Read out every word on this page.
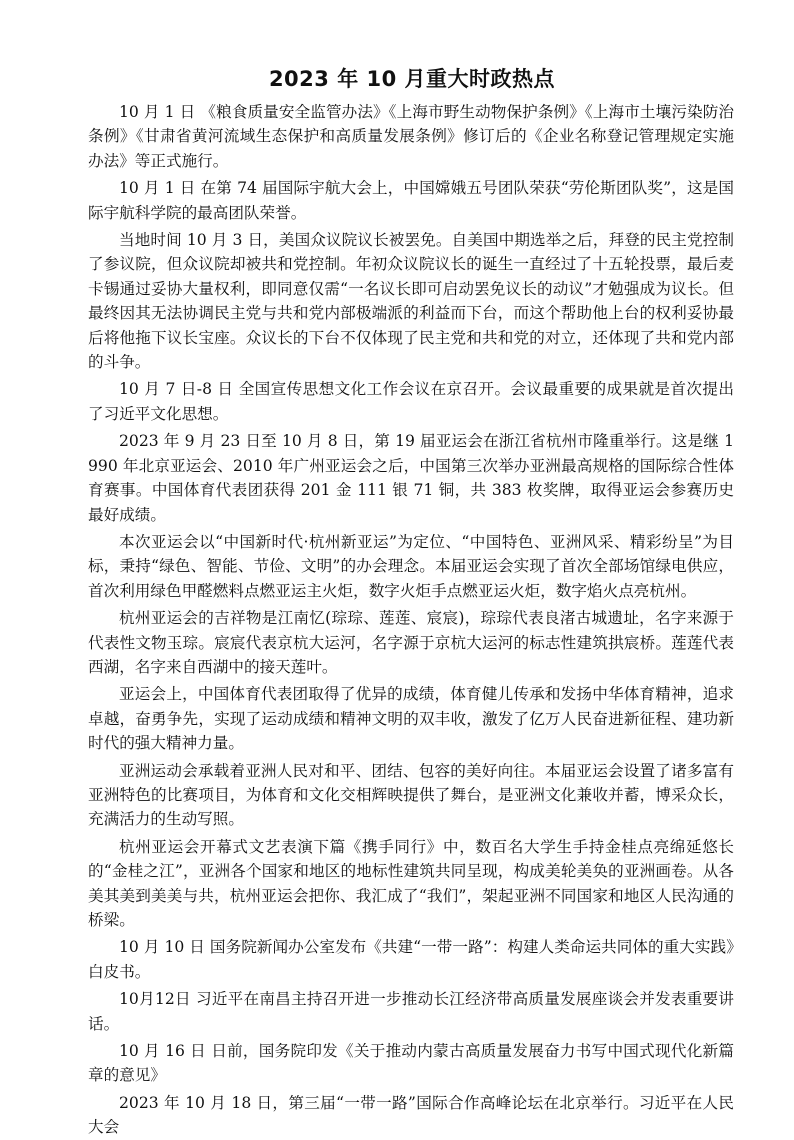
2023 年 10 月重大时政热点

10 月 1 日 《粮食质量安全监管办法》《上海市野生动物保护条例》《上海市土壤污染防治条例》《甘肃省黄河流域生态保护和高质量发展条例》修订后的《企业名称登记管理规定实施办法》等正式施行。

10 月 1 日 在第 74 届国际宇航大会上，中国嫦娥五号团队荣获“劳伦斯团队奖”，这是国际宇航科学院的最高团队荣誉。

当地时间 10 月 3 日，美国众议院议长被罢免。自美国中期选举之后，拜登的民主党控制了参议院，但众议院却被共和党控制。年初众议院议长的诞生一直经过了十五轮投票，最后麦卡锡通过妥协大量权利，即同意仅需“一名议长即可启动罢免议长的动议”才勉强成为议长。但最终因其无法协调民主党与共和党内部极端派的利益而下台，而这个帮助他上台的权利妥协最后将他拖下议长宝座。众议长的下台不仅体现了民主党和共和党的对立，还体现了共和党内部的斗争。

10 月 7 日-8 日 全国宣传思想文化工作会议在京召开。会议最重要的成果就是首次提出了习近平文化思想。

2023 年 9 月 23 日至 10 月 8 日，第 19 届亚运会在浙江省杭州市隆重举行。这是继 1990 年北京亚运会、2010 年广州亚运会之后，中国第三次举办亚洲最高规格的国际综合性体育赛事。中国体育代表团获得 201 金 111 银 71 铜，共 383 枚奖牌，取得亚运会参赛历史最好成绩。

本次亚运会以“中国新时代·杭州新亚运”为定位、“中国特色、亚洲风采、精彩纷呈”为目标，秉持“绿色、智能、节俭、文明”的办会理念。本届亚运会实现了首次全部场馆绿电供应，首次利用绿色甲醛燃料点燃亚运主火炬，数字火炬手点燃亚运火炬，数字焰火点亮杭州。

杭州亚运会的吉祥物是江南忆(琮琮、莲莲、宸宸)，琮琮代表良渚古城遗址，名字来源于代表性文物玉琮。宸宸代表京杭大运河，名字源于京杭大运河的标志性建筑拱宸桥。莲莲代表西湖，名字来自西湖中的接天莲叶。

亚运会上，中国体育代表团取得了优异的成绩，体育健儿传承和发扬中华体育精神，追求卓越，奋勇争先，实现了运动成绩和精神文明的双丰收，激发了亿万人民奋进新征程、建功新时代的强大精神力量。

亚洲运动会承载着亚洲人民对和平、团结、包容的美好向往。本届亚运会设置了诸多富有亚洲特色的比赛项目，为体育和文化交相辉映提供了舞台，是亚洲文化兼收并蓄，博采众长，充满活力的生动写照。

杭州亚运会开幕式文艺表演下篇《携手同行》中，数百名大学生手持金桂点亮绵延悠长的“金桂之江”，亚洲各个国家和地区的地标性建筑共同呈现，构成美轮美奂的亚洲画卷。从各美其美到美美与共，杭州亚运会把你、我汇成了“我们”，架起亚洲不同国家和地区人民沟通的桥梁。

10 月 10 日 国务院新闻办公室发布《共建“一带一路”：构建人类命运共同体的重大实践》白皮书。

10月12日 习近平在南昌主持召开进一步推动长江经济带高质量发展座谈会并发表重要讲话。

10 月 16 日 日前，国务院印发《关于推动内蒙古高质量发展奋力书写中国式现代化新篇章的意见》

2023 年 10 月 18 日，第三届“一带一路”国际合作高峰论坛在北京举行。习近平在人民大会
